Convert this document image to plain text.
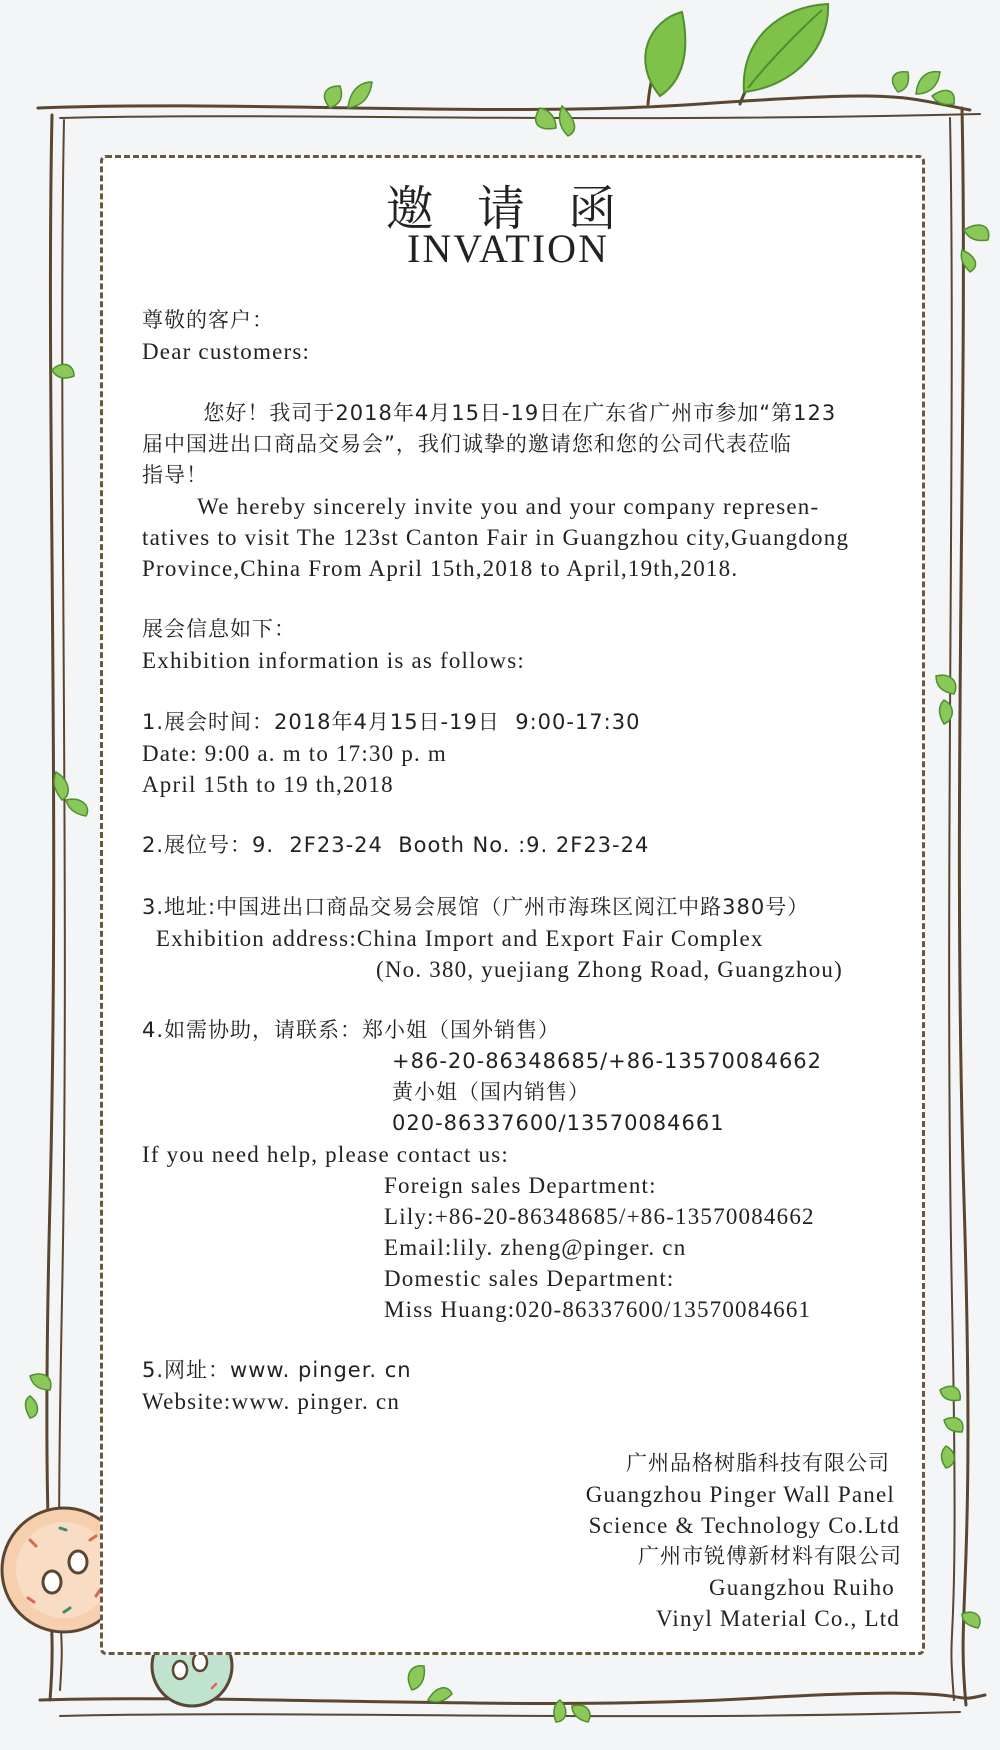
邀 请 函
INVATION
尊敬的客户：
Dear customers:
您好！我司于2018年4月15日-19日在广东省广州市参加“第123
届中国进出口商品交易会”，我们诚挚的邀请您和您的公司代表莅临
指导！
We hereby sincerely invite you and your company represen-
tatives to visit The 123st Canton Fair in Guangzhou city,Guangdong
Province,China From April 15th,2018 to April,19th,2018.
展会信息如下：
Exhibition information is as follows:
1.展会时间：2018年4月15日-19日  9:00-17:30
Date: 9:00 a. m to 17:30 p. m
April 15th to 19 th,2018
2.展位号：9.  2F23-24  Booth No. :9. 2F23-24
3.地址:中国进出口商品交易会展馆（广州市海珠区阅江中路380号）
Exhibition address:China Import and Export Fair Complex
(No. 380, yuejiang Zhong Road, Guangzhou)
4.如需协助，请联系：郑小姐（国外销售）
+86-20-86348685/+86-13570084662
黄小姐（国内销售）
020-86337600/13570084661
If you need help, please contact us:
Foreign sales Department:
Lily:+86-20-86348685/+86-13570084662
Email:lily. zheng@pinger. cn
Domestic sales Department:
Miss Huang:020-86337600/13570084661
5.网址：www. pinger. cn
Website:www. pinger. cn
广州品格树脂科技有限公司
Guangzhou Pinger Wall Panel
Science & Technology Co.Ltd
广州市锐傅新材料有限公司
Guangzhou Ruiho
Vinyl Material Co., Ltd
